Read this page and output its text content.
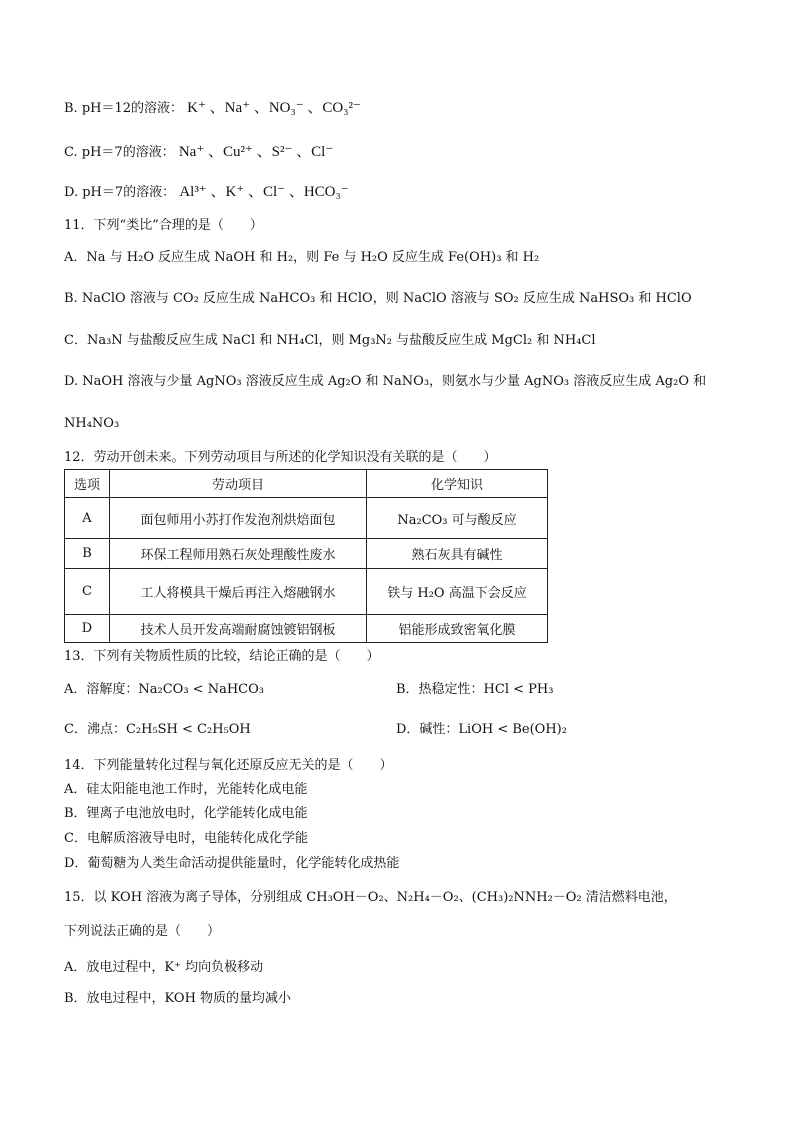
B. pH＝12的溶液： K⁺ 、Na⁺ 、NO₃⁻ 、CO₃²⁻
C. pH＝7的溶液： Na⁺ 、Cu²⁺ 、S²⁻ 、Cl⁻
D. pH＝7的溶液： Al³⁺ 、K⁺ 、Cl⁻ 、HCO₃⁻
11．下列“类比”合理的是（　　）
A．Na 与 H₂O 反应生成 NaOH 和 H₂，则 Fe 与 H₂O 反应生成 Fe(OH)₃ 和 H₂
B. NaClO 溶液与 CO₂ 反应生成 NaHCO₃ 和 HClO，则 NaClO 溶液与 SO₂ 反应生成 NaHSO₃ 和 HClO
C．Na₃N 与盐酸反应生成 NaCl 和 NH₄Cl，则 Mg₃N₂ 与盐酸反应生成 MgCl₂ 和 NH₄Cl
D. NaOH 溶液与少量 AgNO₃ 溶液反应生成 Ag₂O 和 NaNO₃，则氨水与少量 AgNO₃ 溶液反应生成 Ag₂O 和
NH₄NO₃
12．劳动开创未来。下列劳动项目与所述的化学知识没有关联的是（　　）
选项	劳动项目	化学知识
A	面包师用小苏打作发泡剂烘焙面包	Na₂CO₃ 可与酸反应
B	环保工程师用熟石灰处理酸性废水	熟石灰具有碱性
C	工人将模具干燥后再注入熔融钢水	铁与 H₂O 高温下会反应
D	技术人员开发高端耐腐蚀镀铝钢板	铝能形成致密氧化膜
13．下列有关物质性质的比较，结论正确的是（　　）
A．溶解度：Na₂CO₃ < NaHCO₃	B．热稳定性：HCl < PH₃
C．沸点：C₂H₅SH < C₂H₅OH	D．碱性：LiOH < Be(OH)₂
14．下列能量转化过程与氧化还原反应无关的是（　　）
A．硅太阳能电池工作时，光能转化成电能
B．锂离子电池放电时，化学能转化成电能
C．电解质溶液导电时，电能转化成化学能
D．葡萄糖为人类生命活动提供能量时，化学能转化成热能
15．以 KOH 溶液为离子导体，分别组成 CH₃OH－O₂、N₂H₄－O₂、(CH₃)₂NNH₂－O₂ 清洁燃料电池，
下列说法正确的是（　　）
A．放电过程中，K⁺ 均向负极移动
B．放电过程中，KOH 物质的量均减小
